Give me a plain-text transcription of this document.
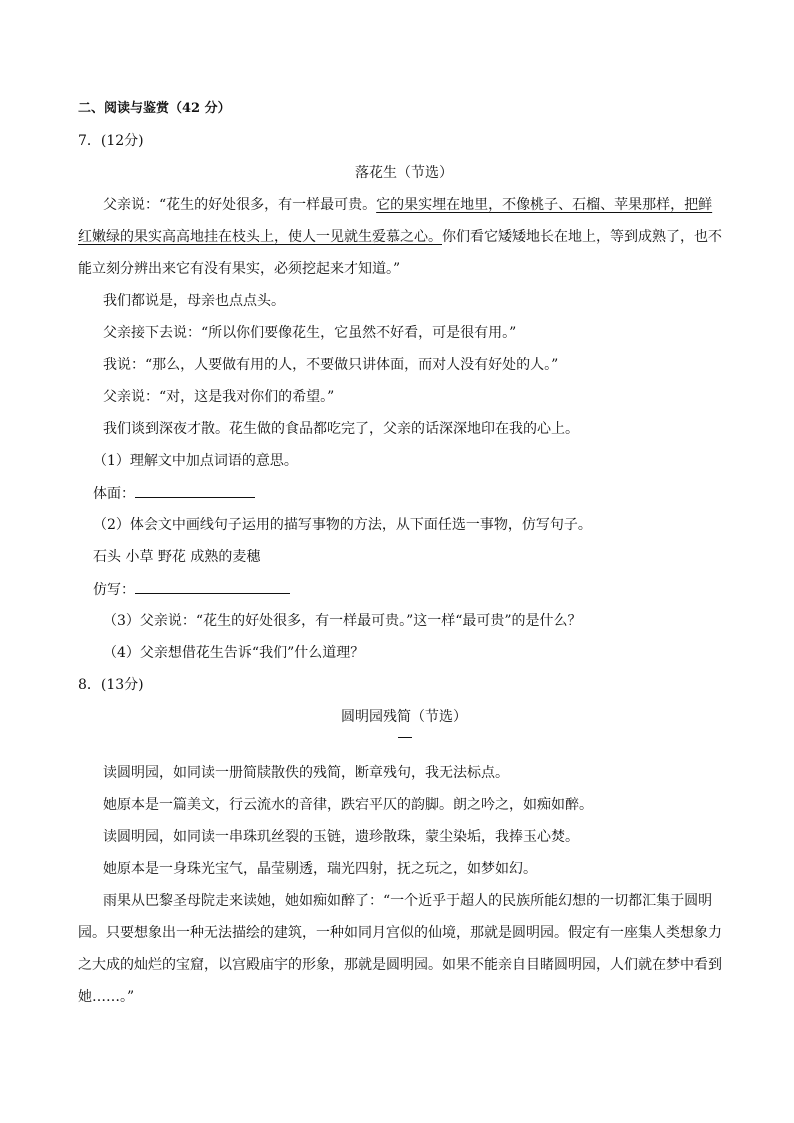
二、阅读与鉴赏（42 分）
7．(12分)
落花生（节选）
父亲说：“花生的好处很多，有一样最可贵。它的果实埋在地里，不像桃子、石榴、苹果那样，把鲜
红嫩绿的果实高高地挂在枝头上，使人一见就生爱慕之心。你们看它矮矮地长在地上，等到成熟了，也不
能立刻分辨出来它有没有果实，必须挖起来才知道。”
我们都说是，母亲也点点头。
父亲接下去说：“所以你们要像花生，它虽然不好看，可是很有用。”
我说：“那么，人要做有用的人，不要做只讲体面，而对人没有好处的人。”
父亲说：“对，这是我对你们的希望。”
我们谈到深夜才散。花生做的食品都吃完了，父亲的话深深地印在我的心上。
（1）理解文中加点词语的意思。
体面：
（2）体会文中画线句子运用的描写事物的方法，从下面任选一事物，仿写句子。
石头 小草 野花 成熟的麦穗
仿写：
（3）父亲说：“花生的好处很多，有一样最可贵。”这一样“最可贵”的是什么？
（4）父亲想借花生告诉“我们”什么道理？
8．(13分)
圆明园残简（节选）
读圆明园，如同读一册简牍散佚的残简，断章残句，我无法标点。
她原本是一篇美文，行云流水的音律，跌宕平仄的韵脚。朗之吟之，如痴如醉。
读圆明园，如同读一串珠玑丝裂的玉链，遗珍散珠，蒙尘染垢，我捧玉心焚。
她原本是一身珠光宝气，晶莹剔透，瑞光四射，抚之玩之，如梦如幻。
雨果从巴黎圣母院走来读她，她如痴如醉了：“一个近乎于超人的民族所能幻想的一切都汇集于圆明
园。只要想象出一种无法描绘的建筑，一种如同月宫似的仙境，那就是圆明园。假定有一座集人类想象力
之大成的灿烂的宝窟，以宫殿庙宇的形象，那就是圆明园。如果不能亲自目睹圆明园，人们就在梦中看到
她……。”
